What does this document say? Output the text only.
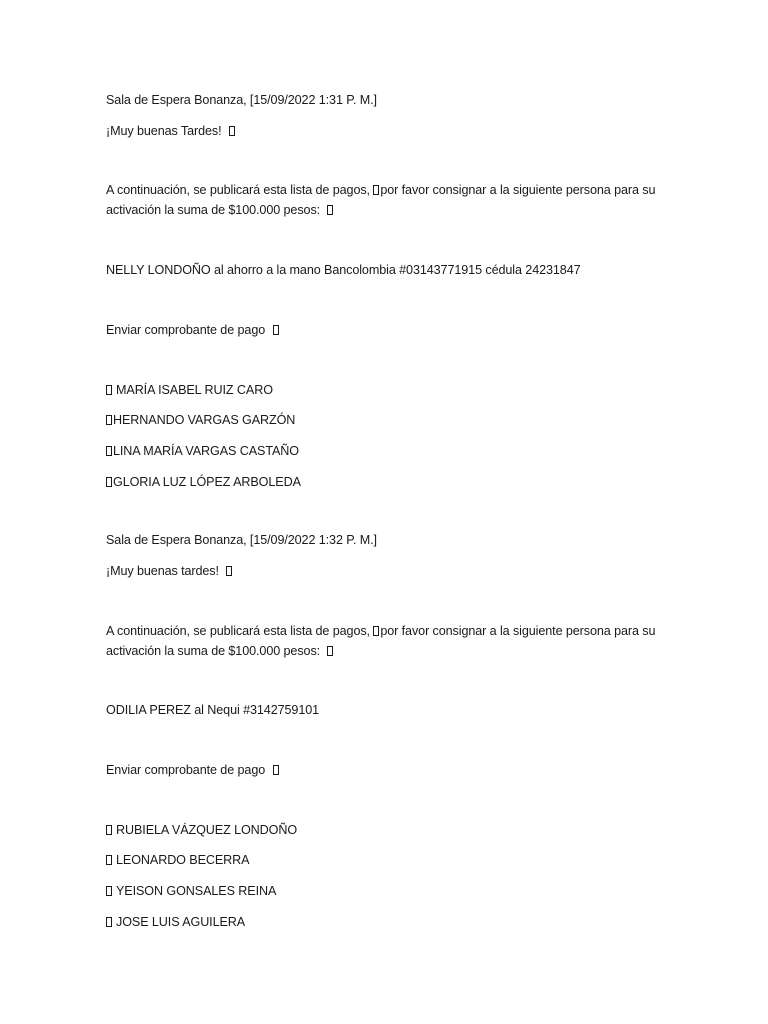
Sala de Espera Bonanza, [15/09/2022 1:31 P. M.]
¡Muy buenas Tardes!
A continuación, se publicará esta lista de pagos, por favor consignar a la siguiente persona para su activación la suma de $100.000 pesos:
NELLY LONDOÑO al ahorro a la mano Bancolombia #03143771915 cédula 24231847
Enviar comprobante de pago
MARÍA ISABEL RUIZ CARO
HERNANDO VARGAS GARZÓN
LINA MARÍA VARGAS CASTAÑO
GLORIA LUZ LÓPEZ ARBOLEDA
Sala de Espera Bonanza, [15/09/2022 1:32 P. M.]
¡Muy buenas tardes!
A continuación, se publicará esta lista de pagos, por favor consignar a la siguiente persona para su activación la suma de $100.000 pesos:
ODILIA PEREZ al Nequi #3142759101
Enviar comprobante de pago
RUBIELA VÁZQUEZ LONDOÑO
LEONARDO BECERRA
YEISON GONSALES REINA
JOSE LUIS AGUILERA
